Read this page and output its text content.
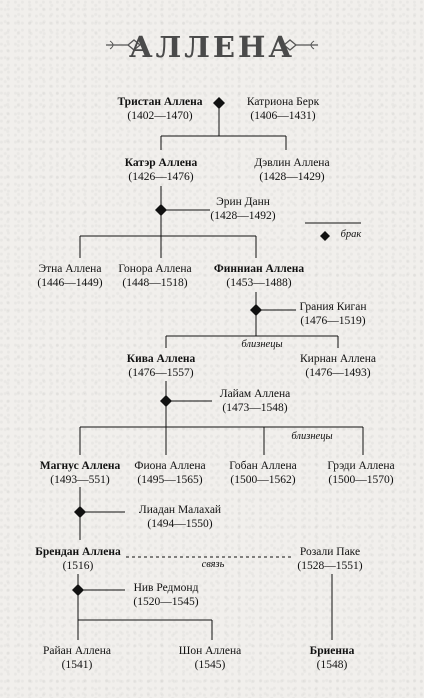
АЛЛЕНА
брак
близнецы
близнецы
связь
Тристан Аллена
(1402—1470)
Катриона Берк
(1406—1431)
Катэр Аллена
(1426—1476)
Дэвлин Аллена
(1428—1429)
Эрин Данн
(1428—1492)
Этна Аллена
(1446—1449)
Гонора Аллена
(1448—1518)
Финниан Аллена
(1453—1488)
Грания Киган
(1476—1519)
Кива Аллена
(1476—1557)
Кирнан Аллена
(1476—1493)
Лайам Аллена
(1473—1548)
Магнус Аллена
(1493—551)
Фиона Аллена
(1495—1565)
Гобан Аллена
(1500—1562)
Грэди Аллена
(1500—1570)
Лиадан Малахай
(1494—1550)
Брендан Аллена
(1516)
Розали Паке
(1528—1551)
Нив Редмонд
(1520—1545)
Райан Аллена
(1541)
Шон Аллена
(1545)
Бриенна
(1548)
